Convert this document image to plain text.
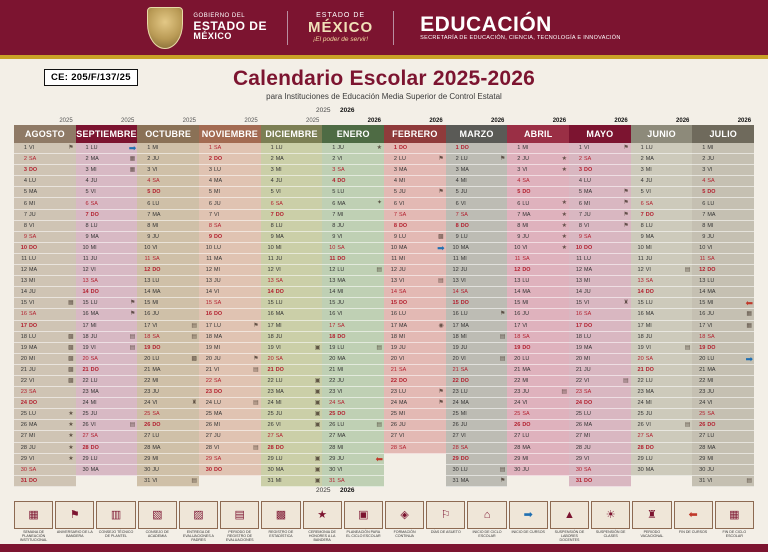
GOBIERNO DEL
ESTADO DE
MÉXICO
ESTADO DE
MÉXICO
¡El poder de servir!
EDUCACIÓN
SECRETARÍA DE EDUCACIÓN, CIENCIA, TECNOLOGÍA E INNOVACIÓN
CE: 205/F/137/25	Calendario Escolar 2025-2026
para Instituciones de Educación Media Superior de Control Estatal
2025 2026
2025
AGOSTO
1 VI	⚑
2 SA
3 DO
4 LU
5 MA
6 MI
7 JU
8 VI
9 SA
10 DO
11 LU
12 MA
13 MI
14 JU
15 VI	▦
16 SA
17 DO
18 LU	▩
19 MA	▩
20 MI	▩
21 JU	▩
22 VI	▩
23 SA
24 DO
25 LU	★
26 MA	★
27 MI	★
28 JU	★
29 VI	★
30 SA
31 DO
2025
SEPTIEMBRE
1 LU	➡
2 MA	▦
3 MI	▦
4 JU
5 VI
6 SA
7 DO
8 LU
9 MA
10 MI
11 JU
12 VI
13 SA
14 DO
15 LU	⚑
16 MA	⚑
17 MI
18 JU	▤
19 VI	▤
20 SA
21 DO
22 LU
23 MA
24 MI
25 JU
26 VI	▤
27 SA
28 DO
29 LU
30 MA
2025
OCTUBRE
1 MI
2 JU
3 VI
4 SA
5 DO
6 LU
7 MA
8 MI
9 JU
10 VI
11 SA
12 DO
13 LU
14 MA
15 MI
16 JU
17 VI	▤
18 SA	▤
19 DO
20 LU	▩
21 MA
22 MI
23 JU
24 VI	♜
25 SA
26 DO
27 LU
28 MA
29 MI
30 JU
31 VI	▤
2025
NOVIEMBRE
1 SA
2 DO
3 LU
4 MA
5 MI
6 JU
7 VI
8 SA
9 DO
10 LU
11 MA
12 MI
13 JU
14 VI
15 SA
16 DO
17 LU	⚑
18 MA
19 MI
20 JU	⚑
21 VI	▤
22 SA
23 DO
24 LU	▤
25 MA
26 MI
27 JU
28 VI	▤
29 SA
30 DO
2025
DICIEMBRE
1 LU
2 MA
3 MI
4 JU
5 VI
6 SA
7 DO
8 LU
9 MA
10 MI
11 JU
12 VI
13 SA
14 DO
15 LU
16 MA
17 MI
18 JU
19 VI	▣
20 SA
21 DO
22 LU	▣
23 MA	▣
24 MI	▣
25 JU	▣
26 VI	▣
27 SA
28 DO
29 LU	▣
30 MA	▣
31 MI	▣
2026
ENERO
1 JU	★
2 VI
3 SA
4 DO
5 LU
6 MA	✦
7 MI
8 JU
9 VI
10 SA
11 DO
12 LU	▤
13 MA
14 MI
15 JU
16 VI
17 SA
18 DO
19 LU	▤
20 MA
21 MI
22 JU
23 VI
24 SA
25 DO
26 LU	▤
27 MA
28 MI
29 JU	⬅
30 VI
31 SA
2026
FEBRERO
1 DO
2 LU	⚑
3 MA
4 MI
5 JU	⚑
6 VI
7 SA
8 DO
9 LU	▩
10 MA	➡
11 MI
12 JU
13 VI	▤
14 SA
15 DO
16 LU
17 MA	◉
18 MI
19 JU
20 VI
21 SA
22 DO
23 LU	⚑
24 MA	⚑
25 MI
26 JU
27 VI
28 SA
2026
MARZO
1 DO
2 LU	⚑
3 MA
4 MI
5 JU
6 VI
7 SA
8 DO
9 LU
10 MA
11 MI
12 JU
13 VI
14 SA
15 DO
16 LU	⚑
17 MA
18 MI	▤
19 JU
20 VI	▤
21 SA
22 DO
23 LU
24 MA
25 MI
26 JU
27 VI
28 SA
29 DO
30 LU	▤
31 MA	⚑
2026
ABRIL
1 MI
2 JU	★
3 VI	★
4 SA
5 DO
6 LU	★
7 MA	★
8 MI	★
9 JU	★
10 VI	★
11 SA
12 DO
13 LU
14 MA
15 MI
16 JU
17 VI
18 SA
19 DO
20 LU
21 MA
22 MI
23 JU	▤
24 VI
25 SA
26 DO
27 LU
28 MA
29 MI
30 JU
2026
MAYO
1 VI	⚑
2 SA
3 DO
4 LU
5 MA	⚑
6 MI	⚑
7 JU	⚑
8 VI	⚑
9 SA
10 DO
11 LU
12 MA
13 MI
14 JU
15 VI	♜
16 SA
17 DO
18 LU
19 MA
20 MI
21 JU
22 VI	▤
23 SA
24 DO
25 LU
26 MA
27 MI
28 JU
29 VI
30 SA
31 DO
2026
JUNIO
1 LU
2 MA
3 MI
4 JU
5 VI
6 SA
7 DO
8 LU
9 MA
10 MI
11 JU
12 VI	▤
13 SA
14 DO
15 LU
16 MA
17 MI
18 JU
19 VI	▤
20 SA
21 DO
22 LU
23 MA
24 MI
25 JU
26 VI	▤
27 SA
28 DO
29 LU
30 MA
2026
JULIO
1 MI
2 JU
3 VI
4 SA
5 DO
6 LU
7 MA
8 MI
9 JU
10 VI
11 SA
12 DO
13 LU
14 MA
15 MI	⬅
16 JU	▦
17 VI	▦
18 SA
19 DO
20 LU	➡
21 MA
22 MI
23 JU
24 VI
25 SA
26 DO
27 LU
28 MA
29 MI
30 JU
31 VI	▤
2025 2026
▦
SEMANA DE PLANEACIÓN INSTITUCIONAL
⚑
ANIVERSARIO DE LA BANDERA
▥
CONSEJO TÉCNICO DE PLANTEL
▧
CONSEJO DE ACADEMIA
▨
ENTREGA DE EVALUACIONES A PADRES
▤
PERIODO DE REGISTRO DE EVALUACIONES
▩
REGISTRO DE ESTADÍSTICA
★
CEREMONIA DE HONORES A LA BANDERA
▣
PLANEACIÓN PARA EL CICLO ESCOLAR
◈
FORMACIÓN CONTINUA
⚐
DÍAS DE ASUETO
⌂
INICIO DE CICLO ESCOLAR
➡
INICIO DE CURSOS
▲
SUSPENSIÓN DE LABORES DOCENTES
☀
SUSPENSIÓN DE CLASES
♜
PERIODO VACACIONAL
⬅
FIN DE CURSOS
▦
FIN DE CICLO ESCOLAR
